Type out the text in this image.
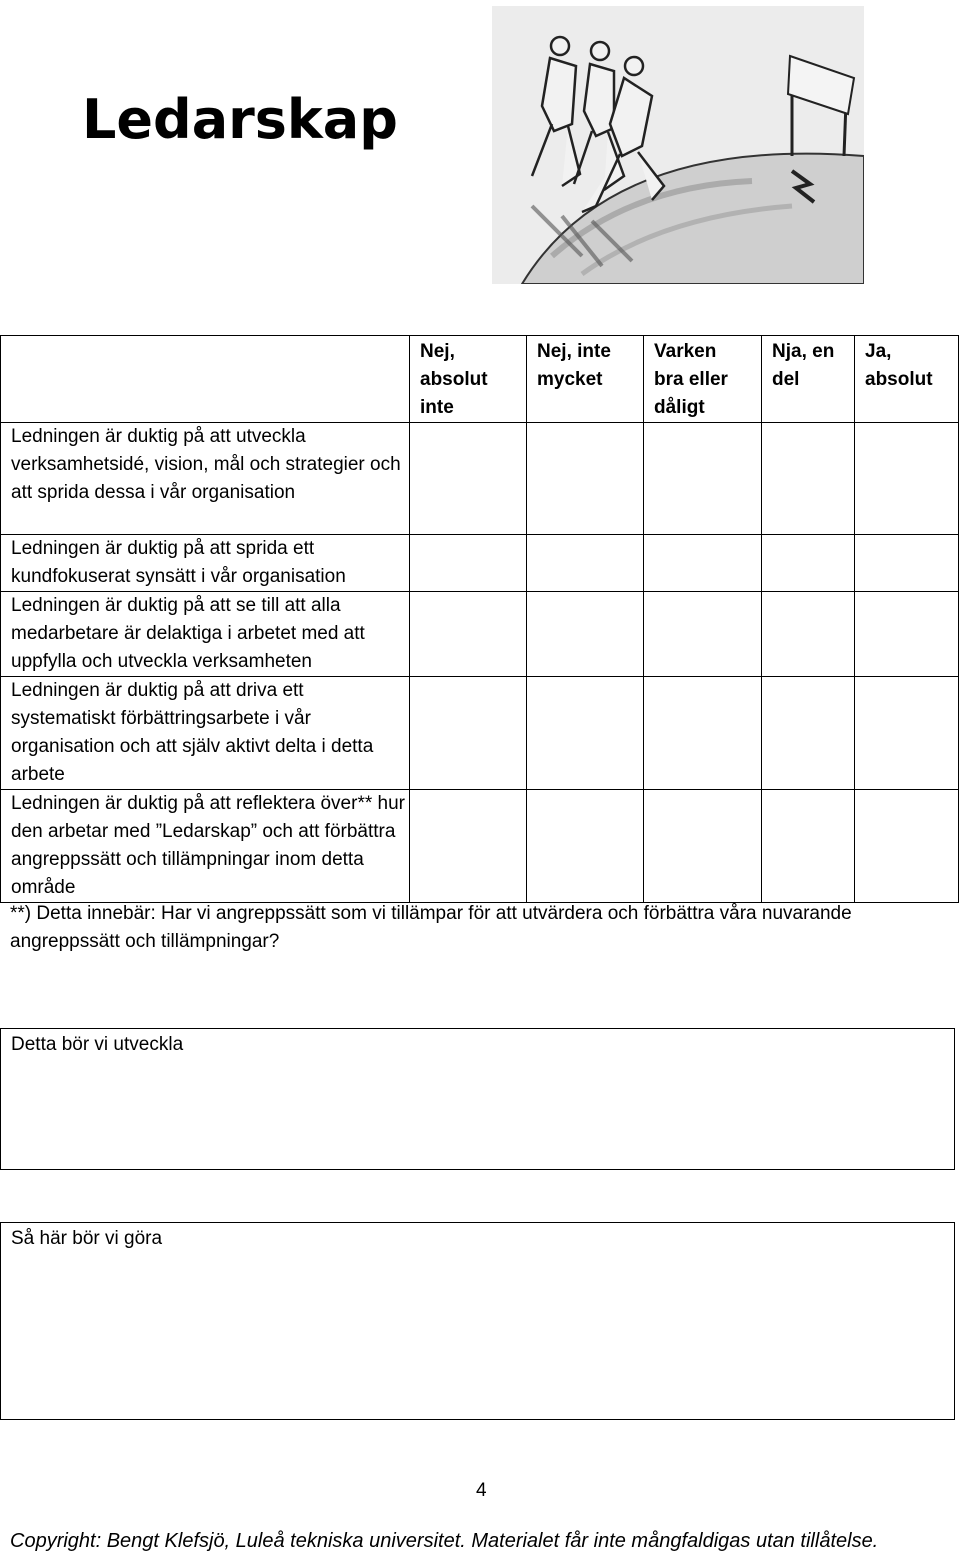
Ledarskap
	Nej, absolut inte	Nej, inte mycket	Varken bra eller dåligt	Nja, en del	Ja, absolut
Ledningen är duktig på att utveckla verksamhetsidé, vision, mål och strategier och att sprida dessa i vår organisation					
Ledningen är duktig på att sprida ett kundfokuserat synsätt i vår organisation					
Ledningen är duktig på att se till att alla medarbetare är delaktiga i arbetet med att uppfylla och utveckla verksamheten					
Ledningen är duktig på att driva ett systematiskt förbättringsarbete i vår organisation och att själv aktivt delta i detta arbete					
Ledningen är duktig på att reflektera över** hur den arbetar med ”Ledarskap” och att förbättra angreppssätt och tillämpningar inom detta område					
**) Detta innebär: Har vi angreppssätt som vi tillämpar för att utvärdera och förbättra våra nuvarande angreppssätt och tillämpningar?
Detta bör vi utveckla
Så här bör vi göra
4
Copyright: Bengt Klefsjö, Luleå tekniska universitet. Materialet får inte mångfaldigas utan tillåtelse.
